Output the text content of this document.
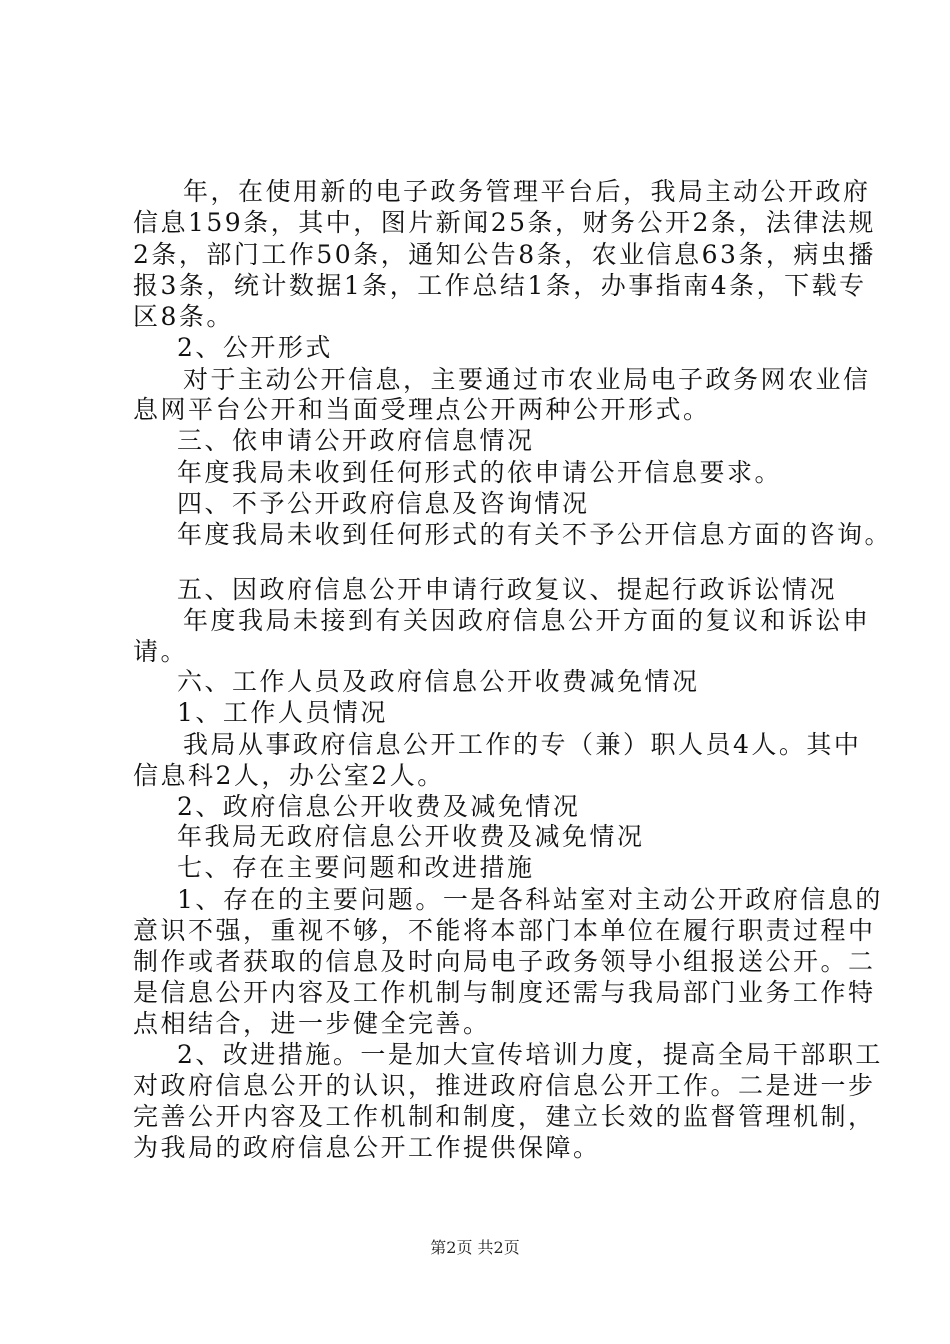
年，在使用新的电子政务管理平台后，我局主动公开政府
信息159条，其中，图片新闻25条，财务公开2条，法律法规
2条，部门工作50条，通知公告8条，农业信息63条，病虫播
报3条，统计数据1条，工作总结1条，办事指南4条，下载专
区8条。
2、公开形式
对于主动公开信息，主要通过市农业局电子政务网农业信
息网平台公开和当面受理点公开两种公开形式。
三、依申请公开政府信息情况
年度我局未收到任何形式的依申请公开信息要求。
四、不予公开政府信息及咨询情况
年度我局未收到任何形式的有关不予公开信息方面的咨询。
五、因政府信息公开申请行政复议、提起行政诉讼情况
年度我局未接到有关因政府信息公开方面的复议和诉讼申
请。
六、工作人员及政府信息公开收费减免情况
1、工作人员情况
我局从事政府信息公开工作的专（兼）职人员4人。其中
信息科2人，办公室2人。
2、政府信息公开收费及减免情况
年我局无政府信息公开收费及减免情况
七、存在主要问题和改进措施
1、存在的主要问题。一是各科站室对主动公开政府信息的
意识不强，重视不够，不能将本部门本单位在履行职责过程中
制作或者获取的信息及时向局电子政务领导小组报送公开。二
是信息公开内容及工作机制与制度还需与我局部门业务工作特
点相结合，进一步健全完善。
2、改进措施。一是加大宣传培训力度，提高全局干部职工
对政府信息公开的认识，推进政府信息公开工作。二是进一步
完善公开内容及工作机制和制度，建立长效的监督管理机制，
为我局的政府信息公开工作提供保障。
第2页 共2页
